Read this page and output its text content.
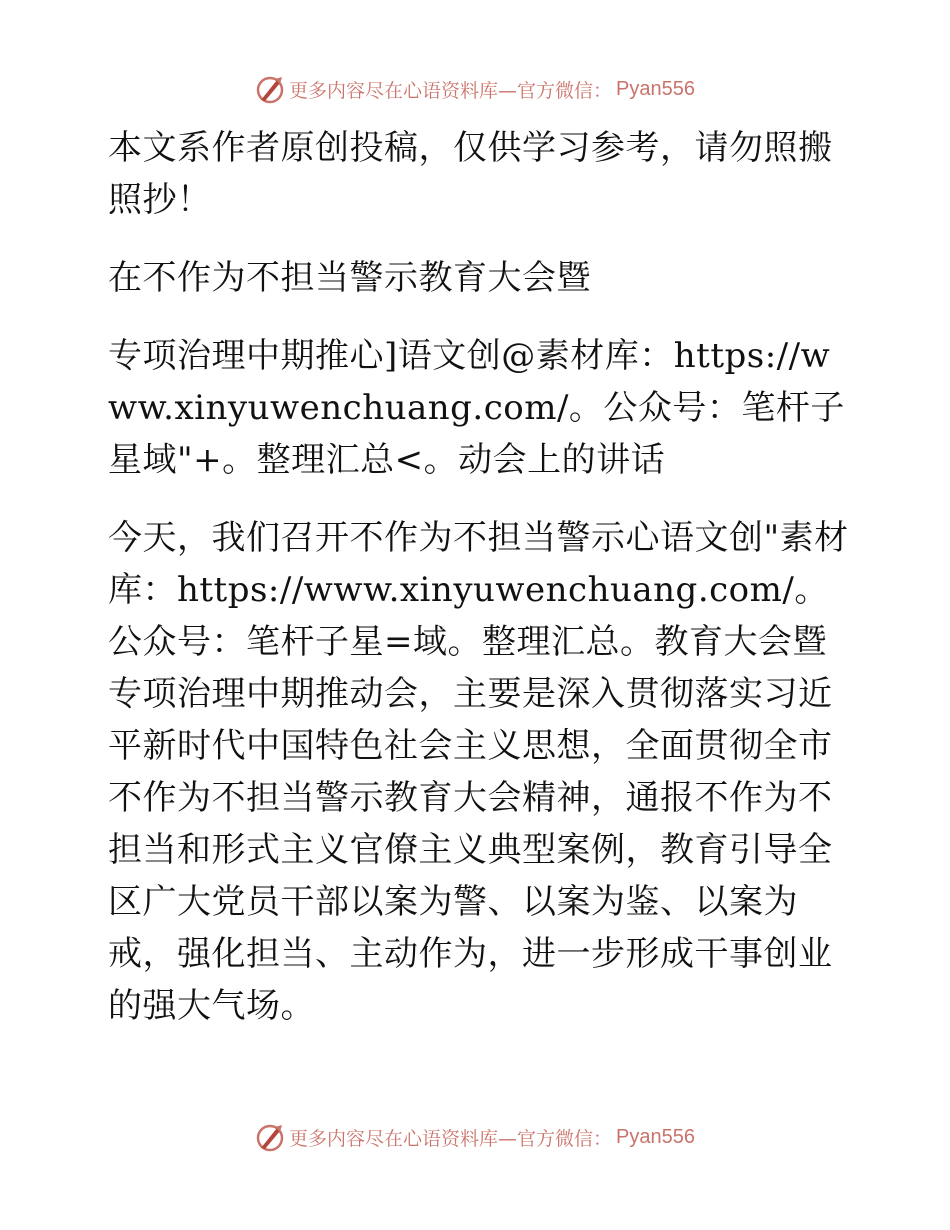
更多内容尽在心语资料库—官方微信： Pyan556

本文系作者原创投稿，仅供学习参考，请勿照搬照抄！

在不作为不担当警示教育大会暨

专项治理中期推心]语文创@素材库：https://www.xinyuwenchuang.com/。公众号：笔杆子星域"+。整理汇总<。动会上的讲话

今天，我们召开不作为不担当警示心语文创"素材库：https://www.xinyuwenchuang.com/。公众号：笔杆子星=域。整理汇总。教育大会暨专项治理中期推动会，主要是深入贯彻落实习近平新时代中国特色社会主义思想，全面贯彻全市不作为不担当警示教育大会精神，通报不作为不担当和形式主义官僚主义典型案例，教育引导全区广大党员干部以案为警、以案为鉴、以案为戒，强化担当、主动作为，进一步形成干事创业的强大气场。

更多内容尽在心语资料库—官方微信： Pyan556
